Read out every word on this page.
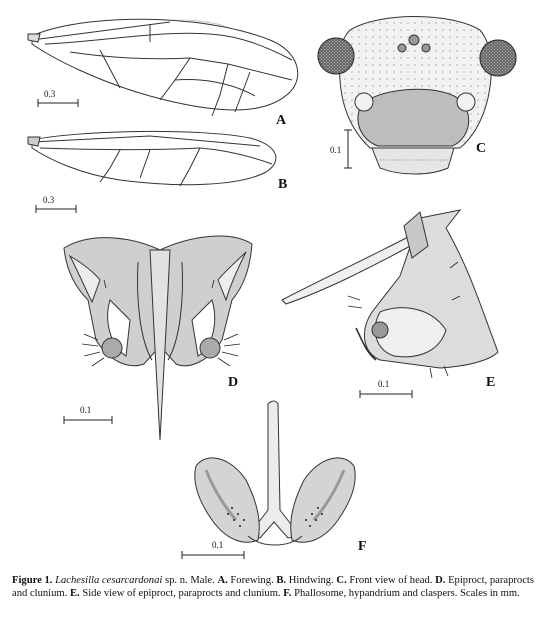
0.3
A
0.3
B
0.1	C
0.1
D	0.1	E
0.1	F
Figure 1. Lachesilla cesarcardonai sp. n. Male. A. Forewing. B. Hindwing. C. Front view of head. D. Epiproct, paraprocts and clunium. E. Side view of epiproct, paraprocts and clunium. F. Phallosome, hypandrium and claspers. Scales in mm.
